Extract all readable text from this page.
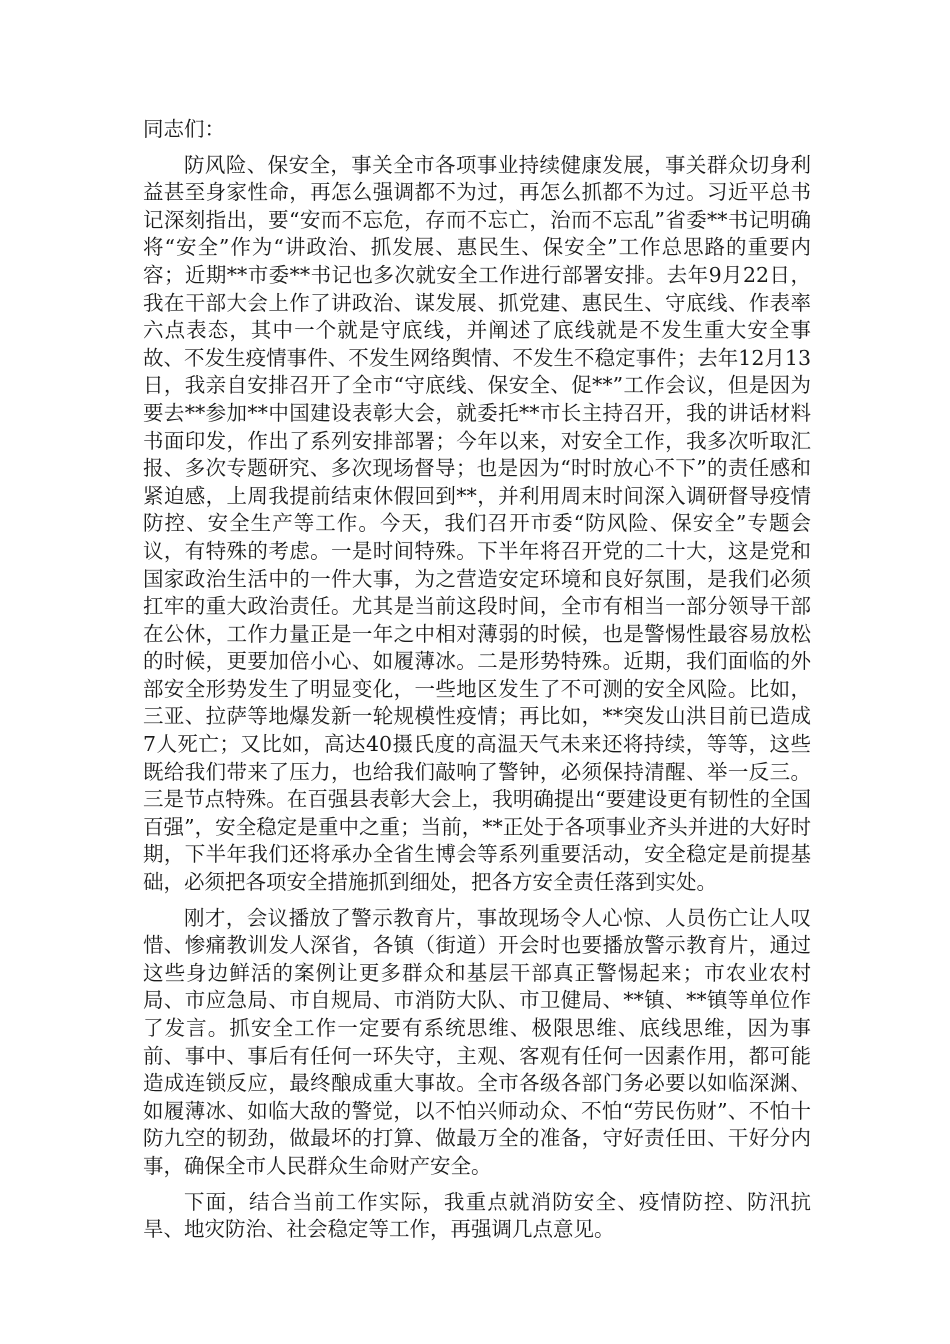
同志们：

防风险、保安全，事关全市各项事业持续健康发展，事关群众切身利益甚至身家性命，再怎么强调都不为过，再怎么抓都不为过。习近平总书记深刻指出，要“安而不忘危，存而不忘亡，治而不忘乱”省委**书记明确将“安全”作为“讲政治、抓发展、惠民生、保安全”工作总思路的重要内容；近期**市委**书记也多次就安全工作进行部署安排。去年9月22日，我在干部大会上作了讲政治、谋发展、抓党建、惠民生、守底线、作表率六点表态，其中一个就是守底线，并阐述了底线就是不发生重大安全事故、不发生疫情事件、不发生网络舆情、不发生不稳定事件；去年12月13日，我亲自安排召开了全市“守底线、保安全、促**”工作会议，但是因为要去**参加**中国建设表彰大会，就委托**市长主持召开，我的讲话材料书面印发，作出了系列安排部署；今年以来，对安全工作，我多次听取汇报、多次专题研究、多次现场督导；也是因为“时时放心不下”的责任感和紧迫感，上周我提前结束休假回到**，并利用周末时间深入调研督导疫情防控、安全生产等工作。今天，我们召开市委“防风险、保安全”专题会议，有特殊的考虑。一是时间特殊。下半年将召开党的二十大，这是党和国家政治生活中的一件大事，为之营造安定环境和良好氛围，是我们必须扛牢的重大政治责任。尤其是当前这段时间，全市有相当一部分领导干部在公休，工作力量正是一年之中相对薄弱的时候，也是警惕性最容易放松的时候，更要加倍小心、如履薄冰。二是形势特殊。近期，我们面临的外部安全形势发生了明显变化，一些地区发生了不可测的安全风险。比如，三亚、拉萨等地爆发新一轮规模性疫情；再比如，**突发山洪目前已造成7人死亡；又比如，高达40摄氏度的高温天气未来还将持续，等等，这些既给我们带来了压力，也给我们敲响了警钟，必须保持清醒、举一反三。三是节点特殊。在百强县表彰大会上，我明确提出“要建设更有韧性的全国百强”，安全稳定是重中之重；当前，**正处于各项事业齐头并进的大好时期，下半年我们还将承办全省生博会等系列重要活动，安全稳定是前提基础，必须把各项安全措施抓到细处，把各方安全责任落到实处。

刚才，会议播放了警示教育片，事故现场令人心惊、人员伤亡让人叹惜、惨痛教训发人深省，各镇（街道）开会时也要播放警示教育片，通过这些身边鲜活的案例让更多群众和基层干部真正警惕起来；市农业农村局、市应急局、市自规局、市消防大队、市卫健局、**镇、**镇等单位作了发言。抓安全工作一定要有系统思维、极限思维、底线思维，因为事前、事中、事后有任何一环失守，主观、客观有任何一因素作用，都可能造成连锁反应，最终酿成重大事故。全市各级各部门务必要以如临深渊、如履薄冰、如临大敌的警觉，以不怕兴师动众、不怕“劳民伤财”、不怕十防九空的韧劲，做最坏的打算、做最万全的准备，守好责任田、干好分内事，确保全市人民群众生命财产安全。

下面，结合当前工作实际，我重点就消防安全、疫情防控、防汛抗旱、地灾防治、社会稳定等工作，再强调几点意见。
